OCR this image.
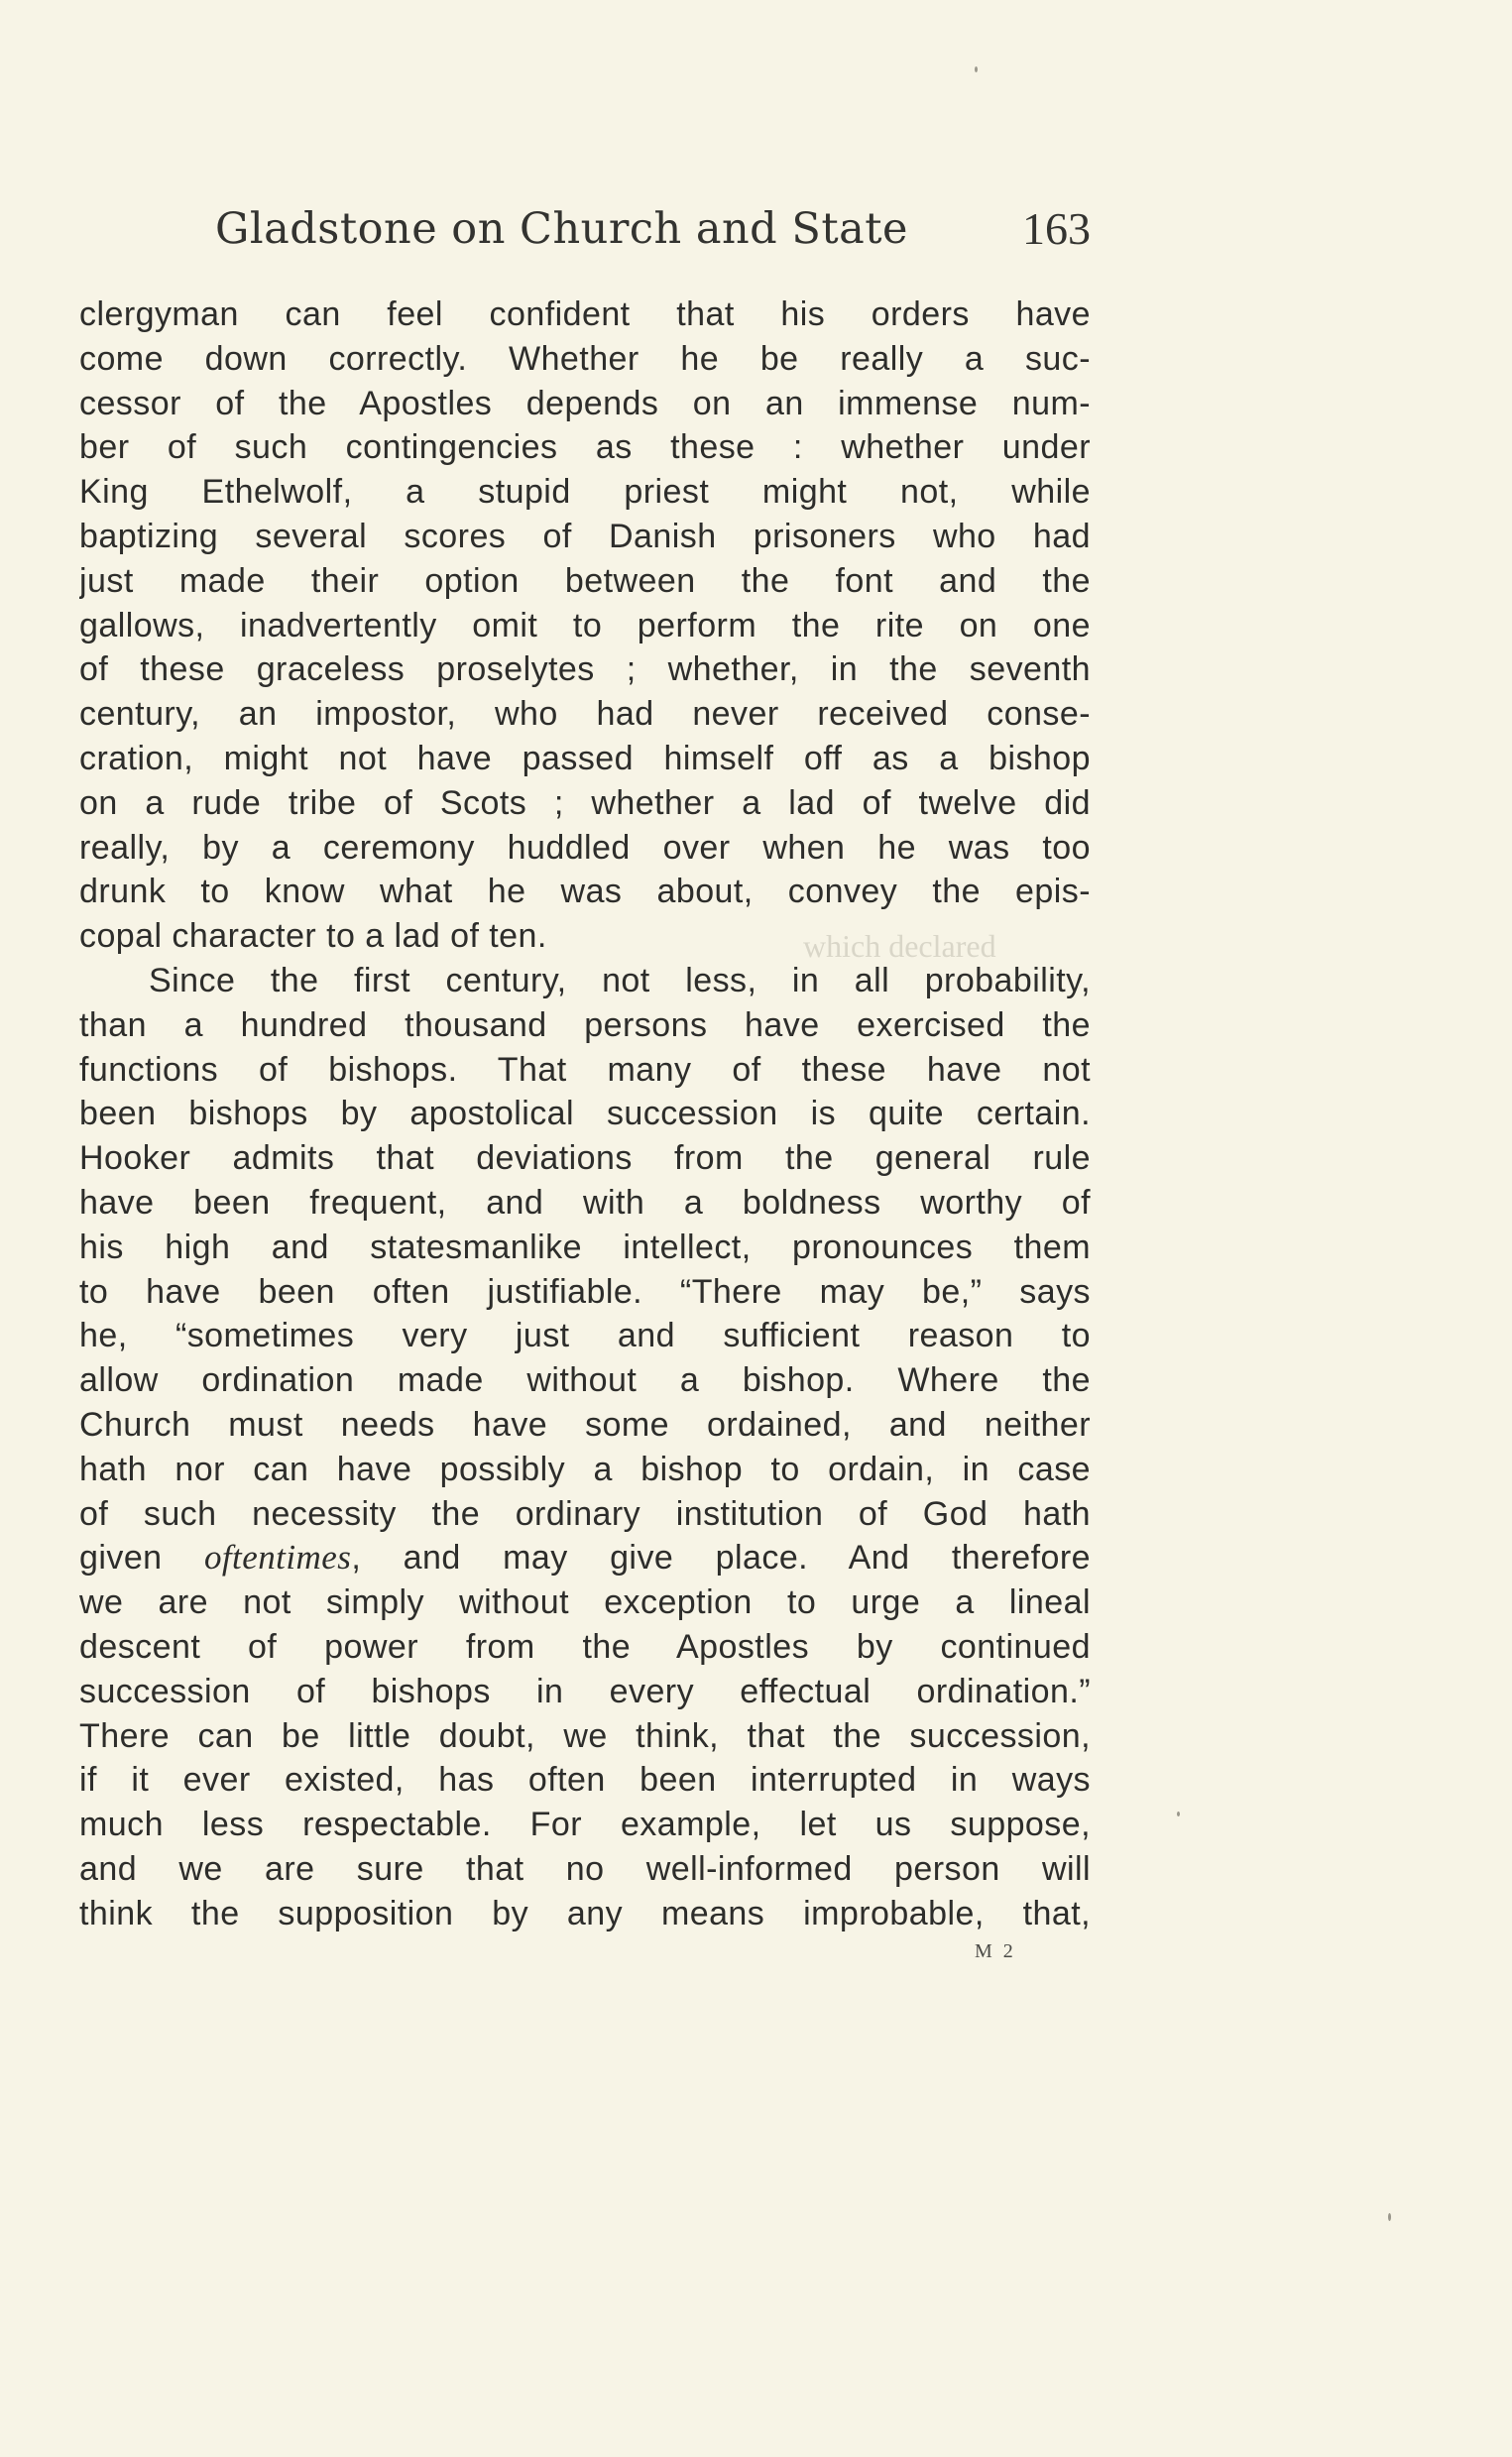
Gladstone on Church and State	163
which declared
clergyman can feel confident that his orders have
come down correctly. Whether he be really a suc-
cessor of the Apostles depends on an immense num-
ber of such contingencies as these : whether under
King Ethelwolf, a stupid priest might not, while
baptizing several scores of Danish prisoners who had
just made their option between the font and the
gallows, inadvertently omit to perform the rite on one
of these graceless proselytes ; whether, in the seventh
century, an impostor, who had never received conse-
cration, might not have passed himself off as a bishop
on a rude tribe of Scots ; whether a lad of twelve did
really, by a ceremony huddled over when he was too
drunk to know what he was about, convey the epis-
copal character to a lad of ten.
Since the first century, not less, in all probability,
than a hundred thousand persons have exercised the
functions of bishops. That many of these have not
been bishops by apostolical succession is quite certain.
Hooker admits that deviations from the general rule
have been frequent, and with a boldness worthy of
his high and statesmanlike intellect, pronounces them
to have been often justifiable. “There may be,” says
he, “sometimes very just and sufficient reason to
allow ordination made without a bishop. Where the
Church must needs have some ordained, and neither
hath nor can have possibly a bishop to ordain, in case
of such necessity the ordinary institution of God hath
given oftentimes, and may give place. And therefore
we are not simply without exception to urge a lineal
descent of power from the Apostles by continued
succession of bishops in every effectual ordination.”
There can be little doubt, we think, that the succession,
if it ever existed, has often been interrupted in ways
much less respectable. For example, let us suppose,
and we are sure that no well-informed person will
think the supposition by any means improbable, that,
M 2
